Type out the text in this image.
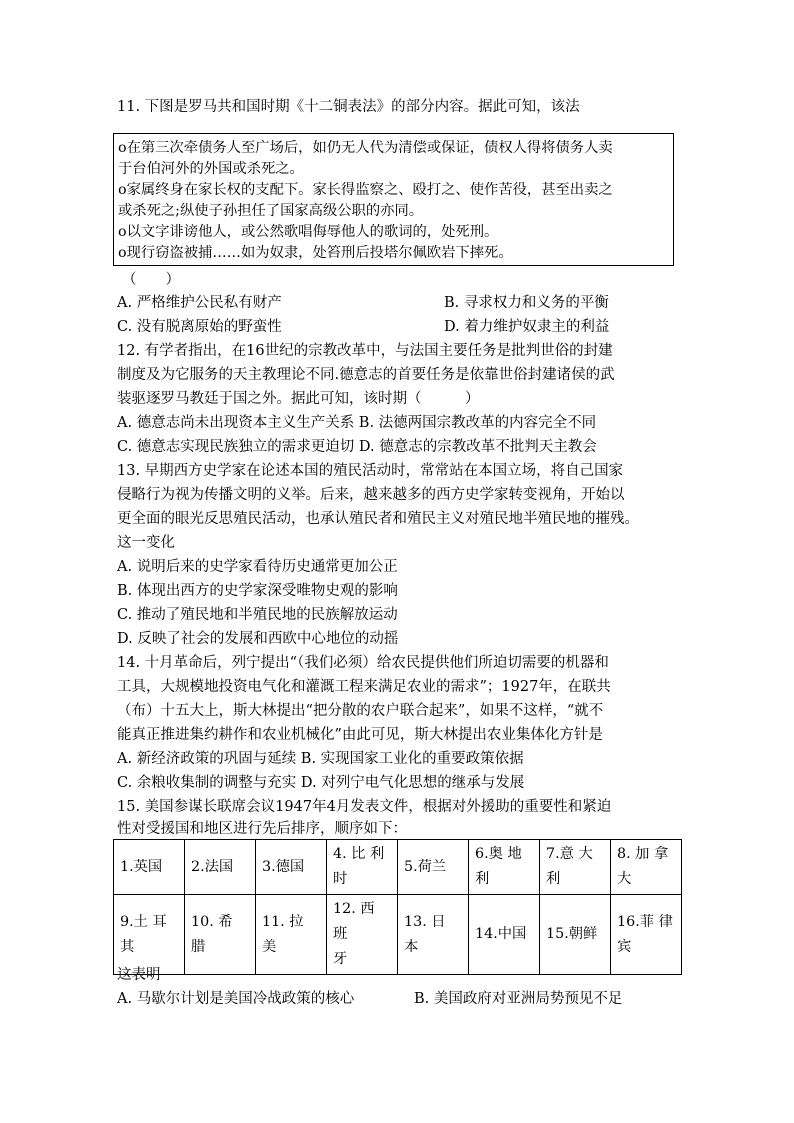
11. 下图是罗马共和国时期《十二铜表法》的部分内容。据此可知，该法
o在第三次牵债务人至广场后，如仍无人代为清偿或保证，债权人得将债务人卖
于台伯河外的外国或杀死之。
o家属终身在家长权的支配下。家长得监察之、殴打之、使作苦役，甚至出卖之
或杀死之;纵使子孙担任了国家高级公职的亦同。
o以文字诽谤他人，或公然歌唱侮辱他人的歌词的，处死刑。
o现行窃盗被捕……如为奴隶，处笞刑后投塔尔佩欧岩下摔死。
（　　）
A. 严格维护公民私有财产	B. 寻求权力和义务的平衡
C. 没有脱离原始的野蛮性	D. 着力维护奴隶主的利益
12. 有学者指出，在16世纪的宗教改革中，与法国主要任务是批判世俗的封建
制度及为它服务的天主教理论不同.德意志的首要任务是依靠世俗封建诸侯的武
装驱逐罗马教廷于国之外。据此可知，该时期（　　　）
A. 德意志尚未出现资本主义生产关系 B. 法德两国宗教改革的内容完全不同
C. 德意志实现民族独立的需求更迫切 D. 德意志的宗教改革不批判天主教会
13. 早期西方史学家在论述本国的殖民活动时，常常站在本国立场，将自己国家
侵略行为视为传播文明的义举。后来，越来越多的西方史学家转变视角，开始以
更全面的眼光反思殖民活动，也承认殖民者和殖民主义对殖民地半殖民地的摧残。
这一变化
A. 说明后来的史学家看待历史通常更加公正
B. 体现出西方的史学家深受唯物史观的影响
C. 推动了殖民地和半殖民地的民族解放运动
D. 反映了社会的发展和西欧中心地位的动摇
14. 十月革命后，列宁提出“（我们必须）给农民提供他们所迫切需要的机器和
工具，大规模地投资电气化和灌溉工程来满足农业的需求”；1927年，在联共
（布）十五大上，斯大林提出“把分散的农户联合起来”，如果不这样，“就不
能真正推进集约耕作和农业机械化”由此可见，斯大林提出农业集体化方针是
A. 新经济政策的巩固与延续 B. 实现国家工业化的重要政策依据
C. 余粮收集制的调整与充实 D. 对列宁电气化思想的继承与发展
15. 美国参谋长联席会议1947年4月发表文件，根据对外援助的重要性和紧迫
性对受援国和地区进行先后排序，顺序如下：
1.英国	2.法国	3.德国	4. 比 利
时	5.荷兰	6.奥 地
利	7.意 大
利	8. 加 拿
大

9.土 耳
其	10. 希
腊	11. 拉
美	12. 西 班
牙	13. 日
本	14.中国	15.朝鲜	16.菲 律
宾
这表明
A. 马歇尔计划是美国冷战政策的核心	B. 美国政府对亚洲局势预见不足
